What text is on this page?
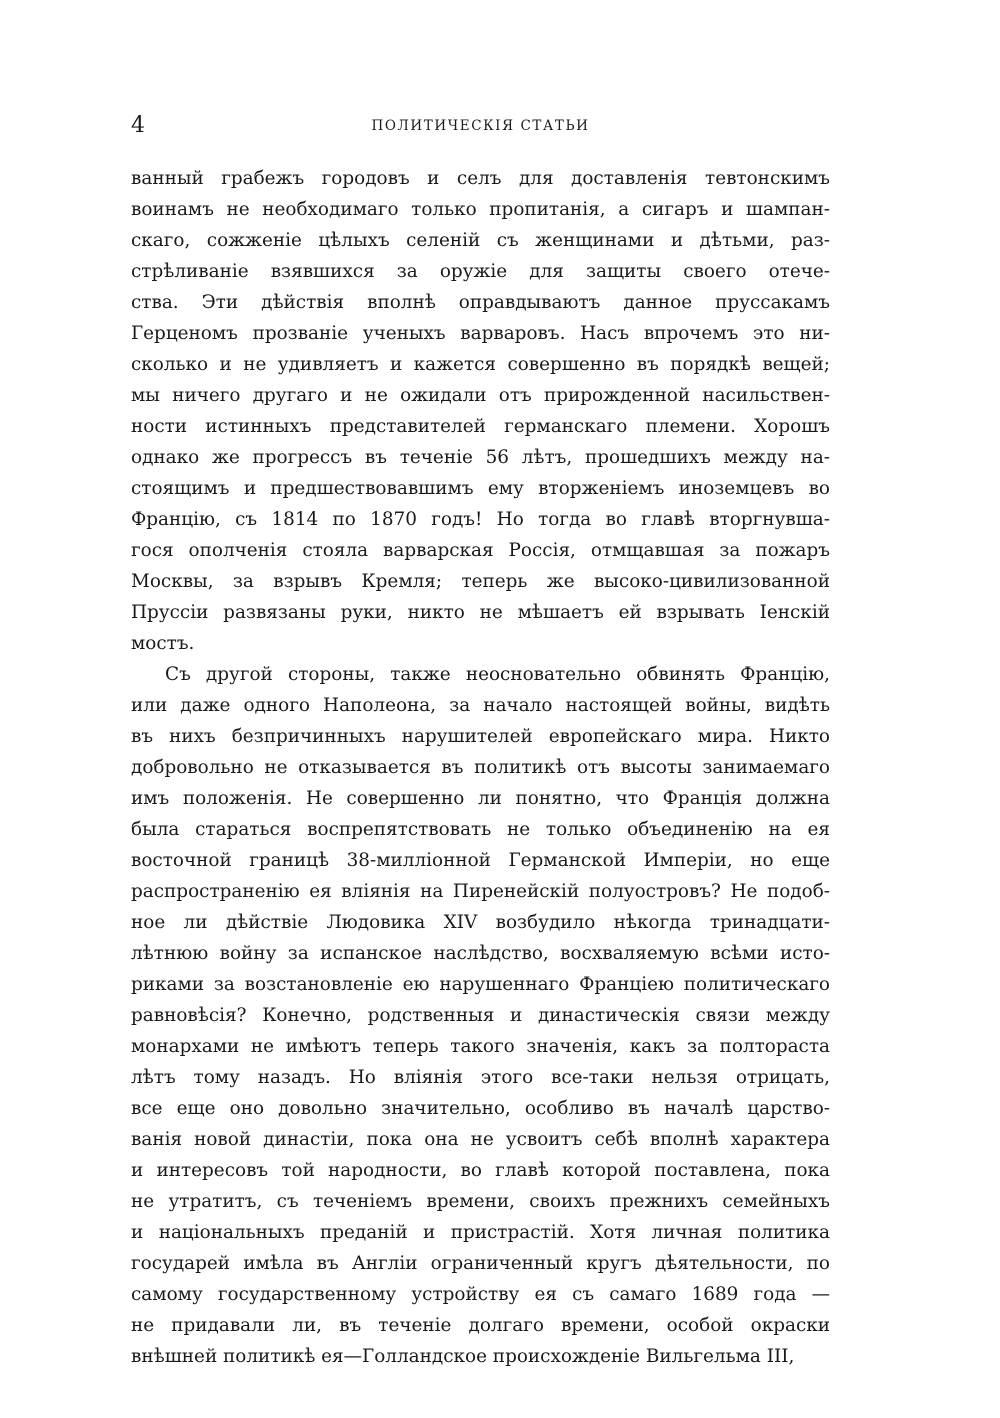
4	ПОЛИТИЧЕСКІЯ СТАТЬИ
ванный грабежъ городовъ и селъ для доставленія тевтонскимъ
воинамъ не необходимаго только пропитанія, а сигаръ и шампан-
скаго, сожженіе цѣлыхъ селеній съ женщинами и дѣтьми, раз-
стрѣливаніе взявшихся за оружіе для защиты своего отече-
ства. Эти дѣйствія вполнѣ оправдываютъ данное пруссакамъ
Герценомъ прозваніе ученыхъ варваровъ. Насъ впрочемъ это ни-
сколько и не удивляетъ и кажется совершенно въ порядкѣ вещей;
мы ничего другаго и не ожидали отъ прирожденной насильствен-
ности истинныхъ представителей германскаго племени. Хорошъ
однако же прогрессъ въ теченіе 56 лѣтъ, прошедшихъ между на-
стоящимъ и предшествовавшимъ ему вторженіемъ иноземцевъ во
Францію, съ 1814 по 1870 годъ! Но тогда во главѣ вторгнувша-
гося ополченія стояла варварская Россія, отмщавшая за пожаръ
Москвы, за взрывъ Кремля; теперь же высоко-цивилизованной
Пруссіи развязаны руки, никто не мѣшаетъ ей взрывать Іенскій
мостъ.
Съ другой стороны, также неосновательно обвинять Францію,
или даже одного Наполеона, за начало настоящей войны, видѣть
въ нихъ безпричинныхъ нарушителей европейскаго мира. Никто
добровольно не отказывается въ политикѣ отъ высоты занимаемаго
имъ положенія. Не совершенно ли понятно, что Франція должна
была стараться воспрепятствовать не только объединенію на ея
восточной границѣ 38-милліонной Германской Имперіи, но еще
распространенію ея вліянія на Пиренейскій полуостровъ? Не подоб-
ное ли дѣйствіе Людовика XIV возбудило нѣкогда тринадцати-
лѣтнюю войну за испанское наслѣдство, восхваляемую всѣми исто-
риками за возстановленіе ею нарушеннаго Франціею политическаго
равновѣсія? Конечно, родственныя и династическія связи между
монархами не имѣютъ теперь такого значенія, какъ за полтораста
лѣтъ тому назадъ. Но вліянія этого все-таки нельзя отрицать,
все еще оно довольно значительно, особливо въ началѣ царство-
ванія новой династіи, пока она не усвоитъ себѣ вполнѣ характера
и интересовъ той народности, во главѣ которой поставлена, пока
не утратитъ, съ теченіемъ времени, своихъ прежнихъ семейныхъ
и національныхъ преданій и пристрастій. Хотя личная политика
государей имѣла въ Англіи ограниченный кругъ дѣятельности, по
самому государственному устройству ея съ самаго 1689 года —
не придавали ли, въ теченіе долгаго времени, особой окраски
внѣшней политикѣ ея—Голландское происхожденіе Вильгельма III,
